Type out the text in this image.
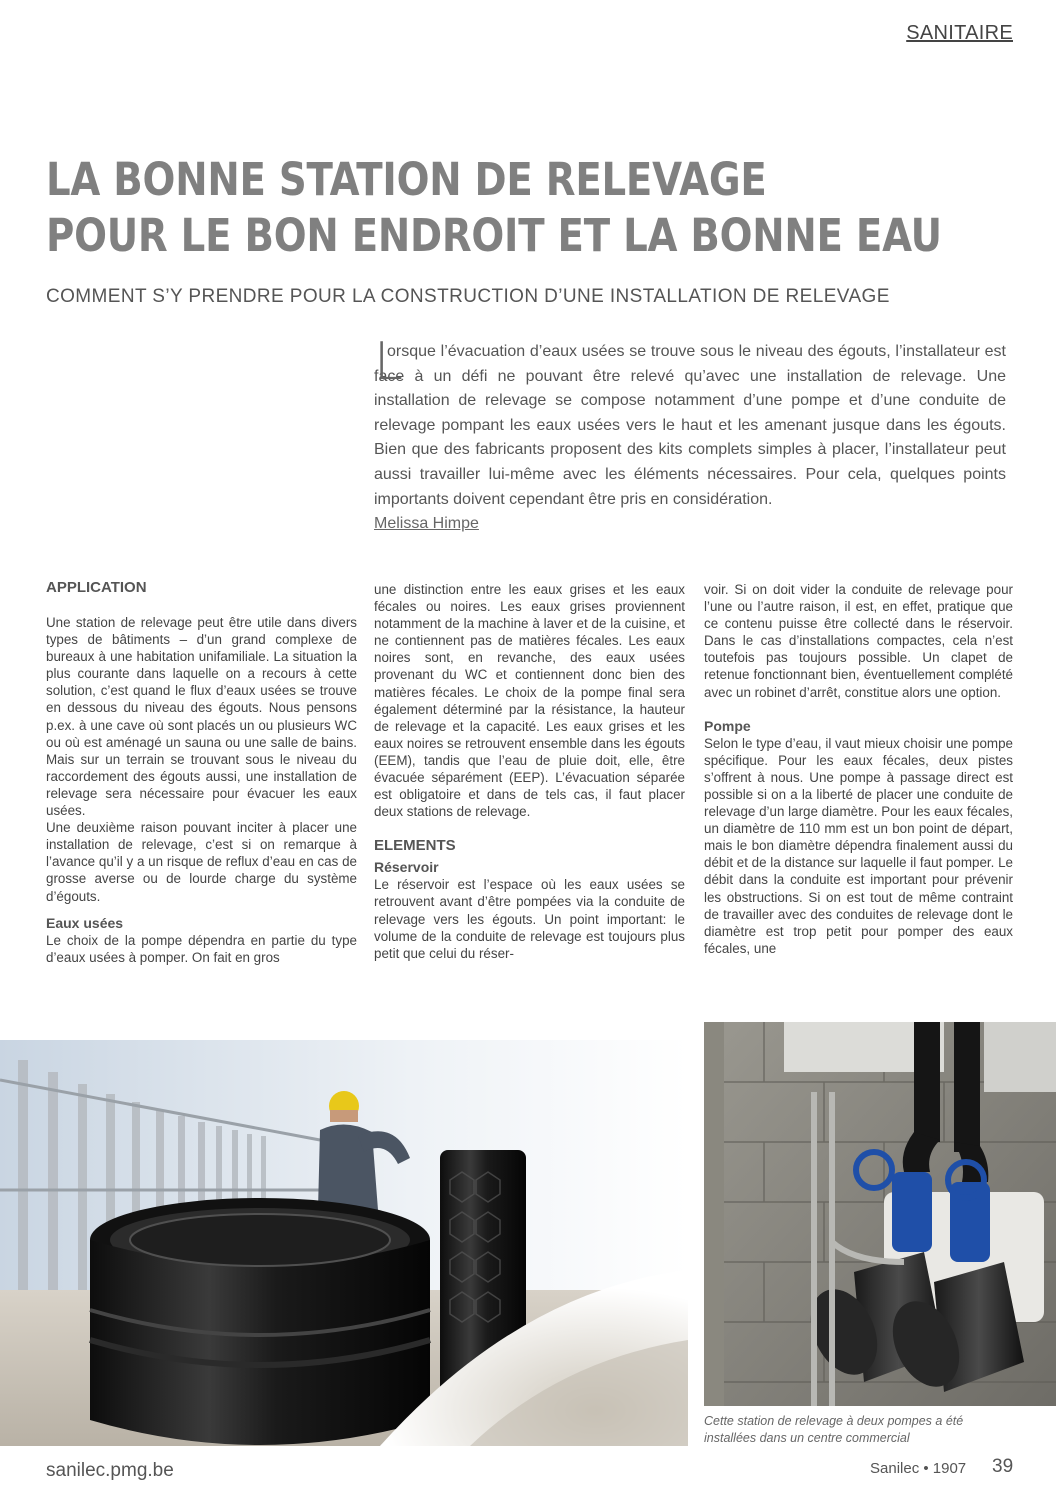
SANITAIRE
LA BONNE STATION DE RELEVAGE
POUR LE BON ENDROIT ET LA BONNE EAU
COMMENT S’Y PRENDRE POUR LA CONSTRUCTION D’UNE INSTALLATION DE RELEVAGE
L
orsque l’évacuation d’eaux usées se trouve sous le niveau des égouts, l’installateur est face à un défi ne pouvant être relevé qu’avec une installation de relevage. Une installation de relevage se compose notamment d’une pompe et d’une conduite de relevage pompant les eaux usées vers le haut et les amenant jusque dans les égouts. Bien que des fabricants proposent des kits complets simples à placer, l’installateur peut aussi travailler lui-même avec les éléments nécessaires. Pour cela, quelques points importants doivent cependant être pris en considération.
Melissa Himpe
APPLICATION

Une station de relevage peut être utile dans divers types de bâtiments – d’un grand complexe de bureaux à une habitation unifamiliale. La situation la plus courante dans laquelle on a recours à cette solution, c’est quand le flux d’eaux usées se trouve en dessous du niveau des égouts. Nous pensons p.ex. à une cave où sont placés un ou plusieurs WC ou où est aménagé un sauna ou une salle de bains. Mais sur un terrain se trouvant sous le niveau du raccordement des égouts aussi, une installation de relevage sera nécessaire pour évacuer les eaux usées.

Une deuxième raison pouvant inciter à placer une installation de relevage, c’est si on remarque à l’avance qu’il y a un risque de reflux d’eau en cas de grosse averse ou de lourde charge du système d’égouts.

Eaux usées

Le choix de la pompe dépendra en partie du type d’eaux usées à pomper. On fait en gros

une distinction entre les eaux grises et les eaux fécales ou noires. Les eaux grises proviennent notamment de la machine à laver et de la cuisine, et ne contiennent pas de matières fécales. Les eaux noires sont, en revanche, des eaux usées provenant du WC et contiennent donc bien des matières fécales. Le choix de la pompe final sera également déterminé par la résistance, la hauteur de relevage et la capacité. Les eaux grises et les eaux noires se retrouvent ensemble dans les égouts (EEM), tandis que l’eau de pluie doit, elle, être évacuée séparément (EEP). L’évacuation séparée est obligatoire et dans de tels cas, il faut placer deux stations de relevage.

ELEMENTS
Réservoir

Le réservoir est l’espace où les eaux usées se retrouvent avant d’être pompées via la conduite de relevage vers les égouts. Un point important: le volume de la conduite de relevage est toujours plus petit que celui du réser-

voir. Si on doit vider la conduite de relevage pour l’une ou l’autre raison, il est, en effet, pratique que ce contenu puisse être collecté dans le réservoir. Dans le cas d’installations compactes, cela n’est toutefois pas toujours possible. Un clapet de retenue fonctionnant bien, éventuellement complété avec un robinet d’arrêt, constitue alors une option.

Pompe

Selon le type d’eau, il vaut mieux choisir une pompe spécifique. Pour les eaux fécales, deux pistes s’offrent à nous. Une pompe à passage direct est possible si on a la liberté de placer une conduite de relevage d’un large diamètre. Pour les eaux fécales, un diamètre de 110 mm est un bon point de départ, mais le bon diamètre dépendra finalement aussi du débit et de la distance sur laquelle il faut pomper. Le débit dans la conduite est important pour prévenir les obstructions. Si on est tout de même contraint de travailler avec des conduites de relevage dont le diamètre est trop petit pour pomper des eaux fécales, une

Cette station de relevage à deux pompes a été installées dans un centre commercial
sanilec.pmg.be	Sanilec • 1907 39
